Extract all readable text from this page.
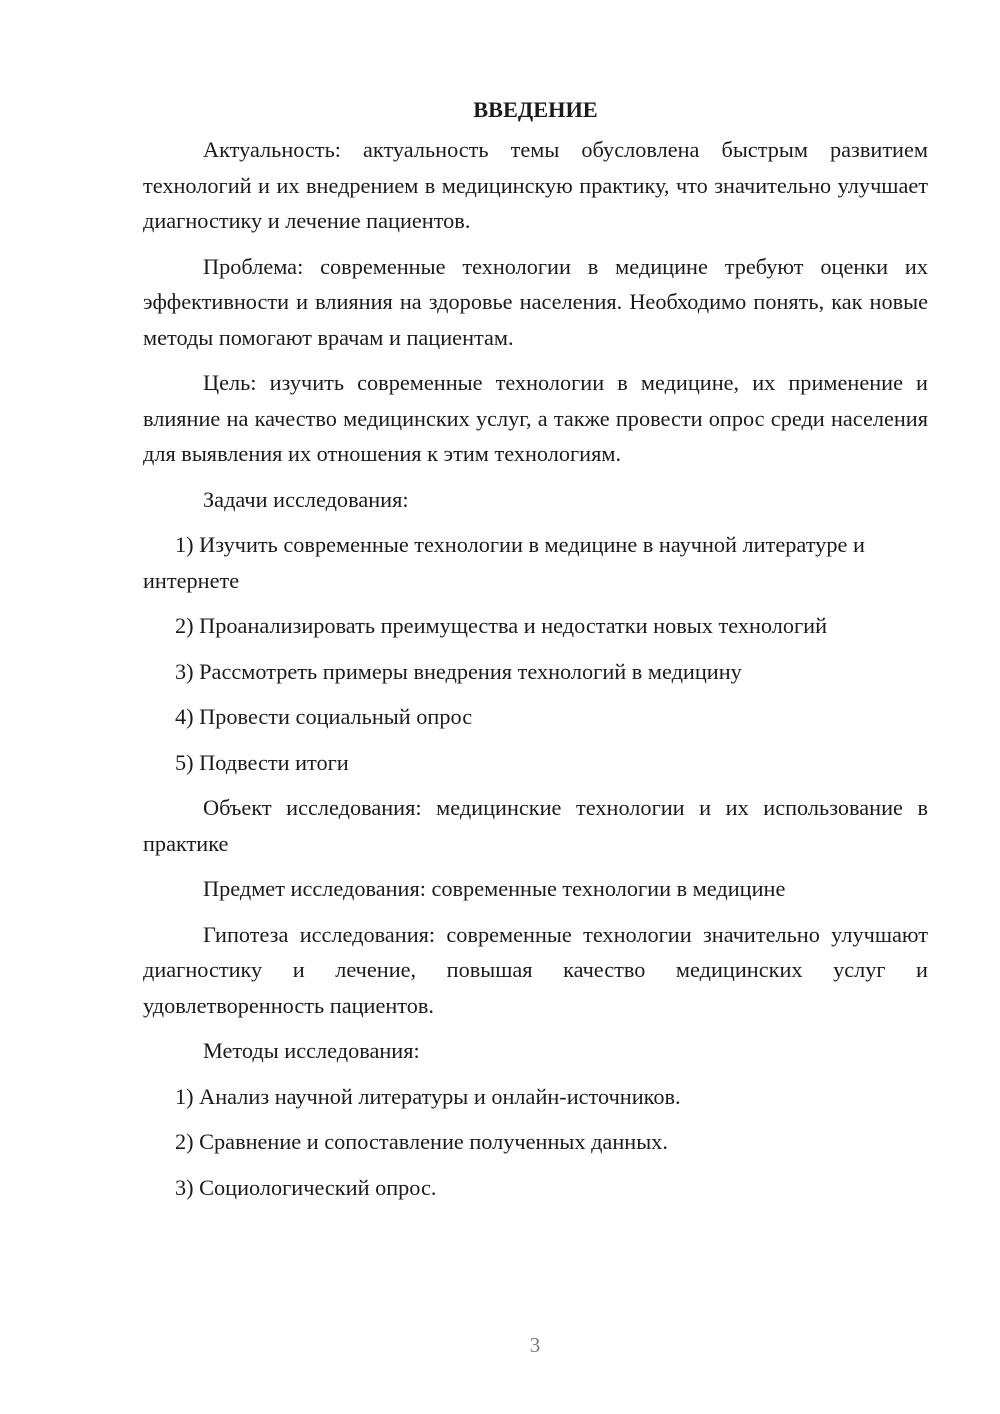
ВВЕДЕНИЕ

Актуальность: актуальность темы обусловлена быстрым развитием технологий и их внедрением в медицинскую практику, что значительно улучшает диагностику и лечение пациентов.

Проблема: современные технологии в медицине требуют оценки их эффективности и влияния на здоровье населения. Необходимо понять, как новые методы помогают врачам и пациентам.

Цель: изучить современные технологии в медицине, их применение и влияние на качество медицинских услуг, а также провести опрос среди населения для выявления их отношения к этим технологиям.

Задачи исследования:

1) Изучить современные технологии в медицине в научной литературе и интернете

2) Проанализировать преимущества и недостатки новых технологий

3) Рассмотреть примеры внедрения технологий в медицину

4) Провести социальный опрос

5) Подвести итоги

Объект исследования: медицинские технологии и их использование в практике

Предмет исследования: современные технологии в медицине

Гипотеза исследования: современные технологии значительно улучшают диагностику и лечение, повышая качество медицинских услуг и удовлетворенность пациентов.

Методы исследования:

1) Анализ научной литературы и онлайн-источников.

2) Сравнение и сопоставление полученных данных.

3) Социологический опрос.

3
